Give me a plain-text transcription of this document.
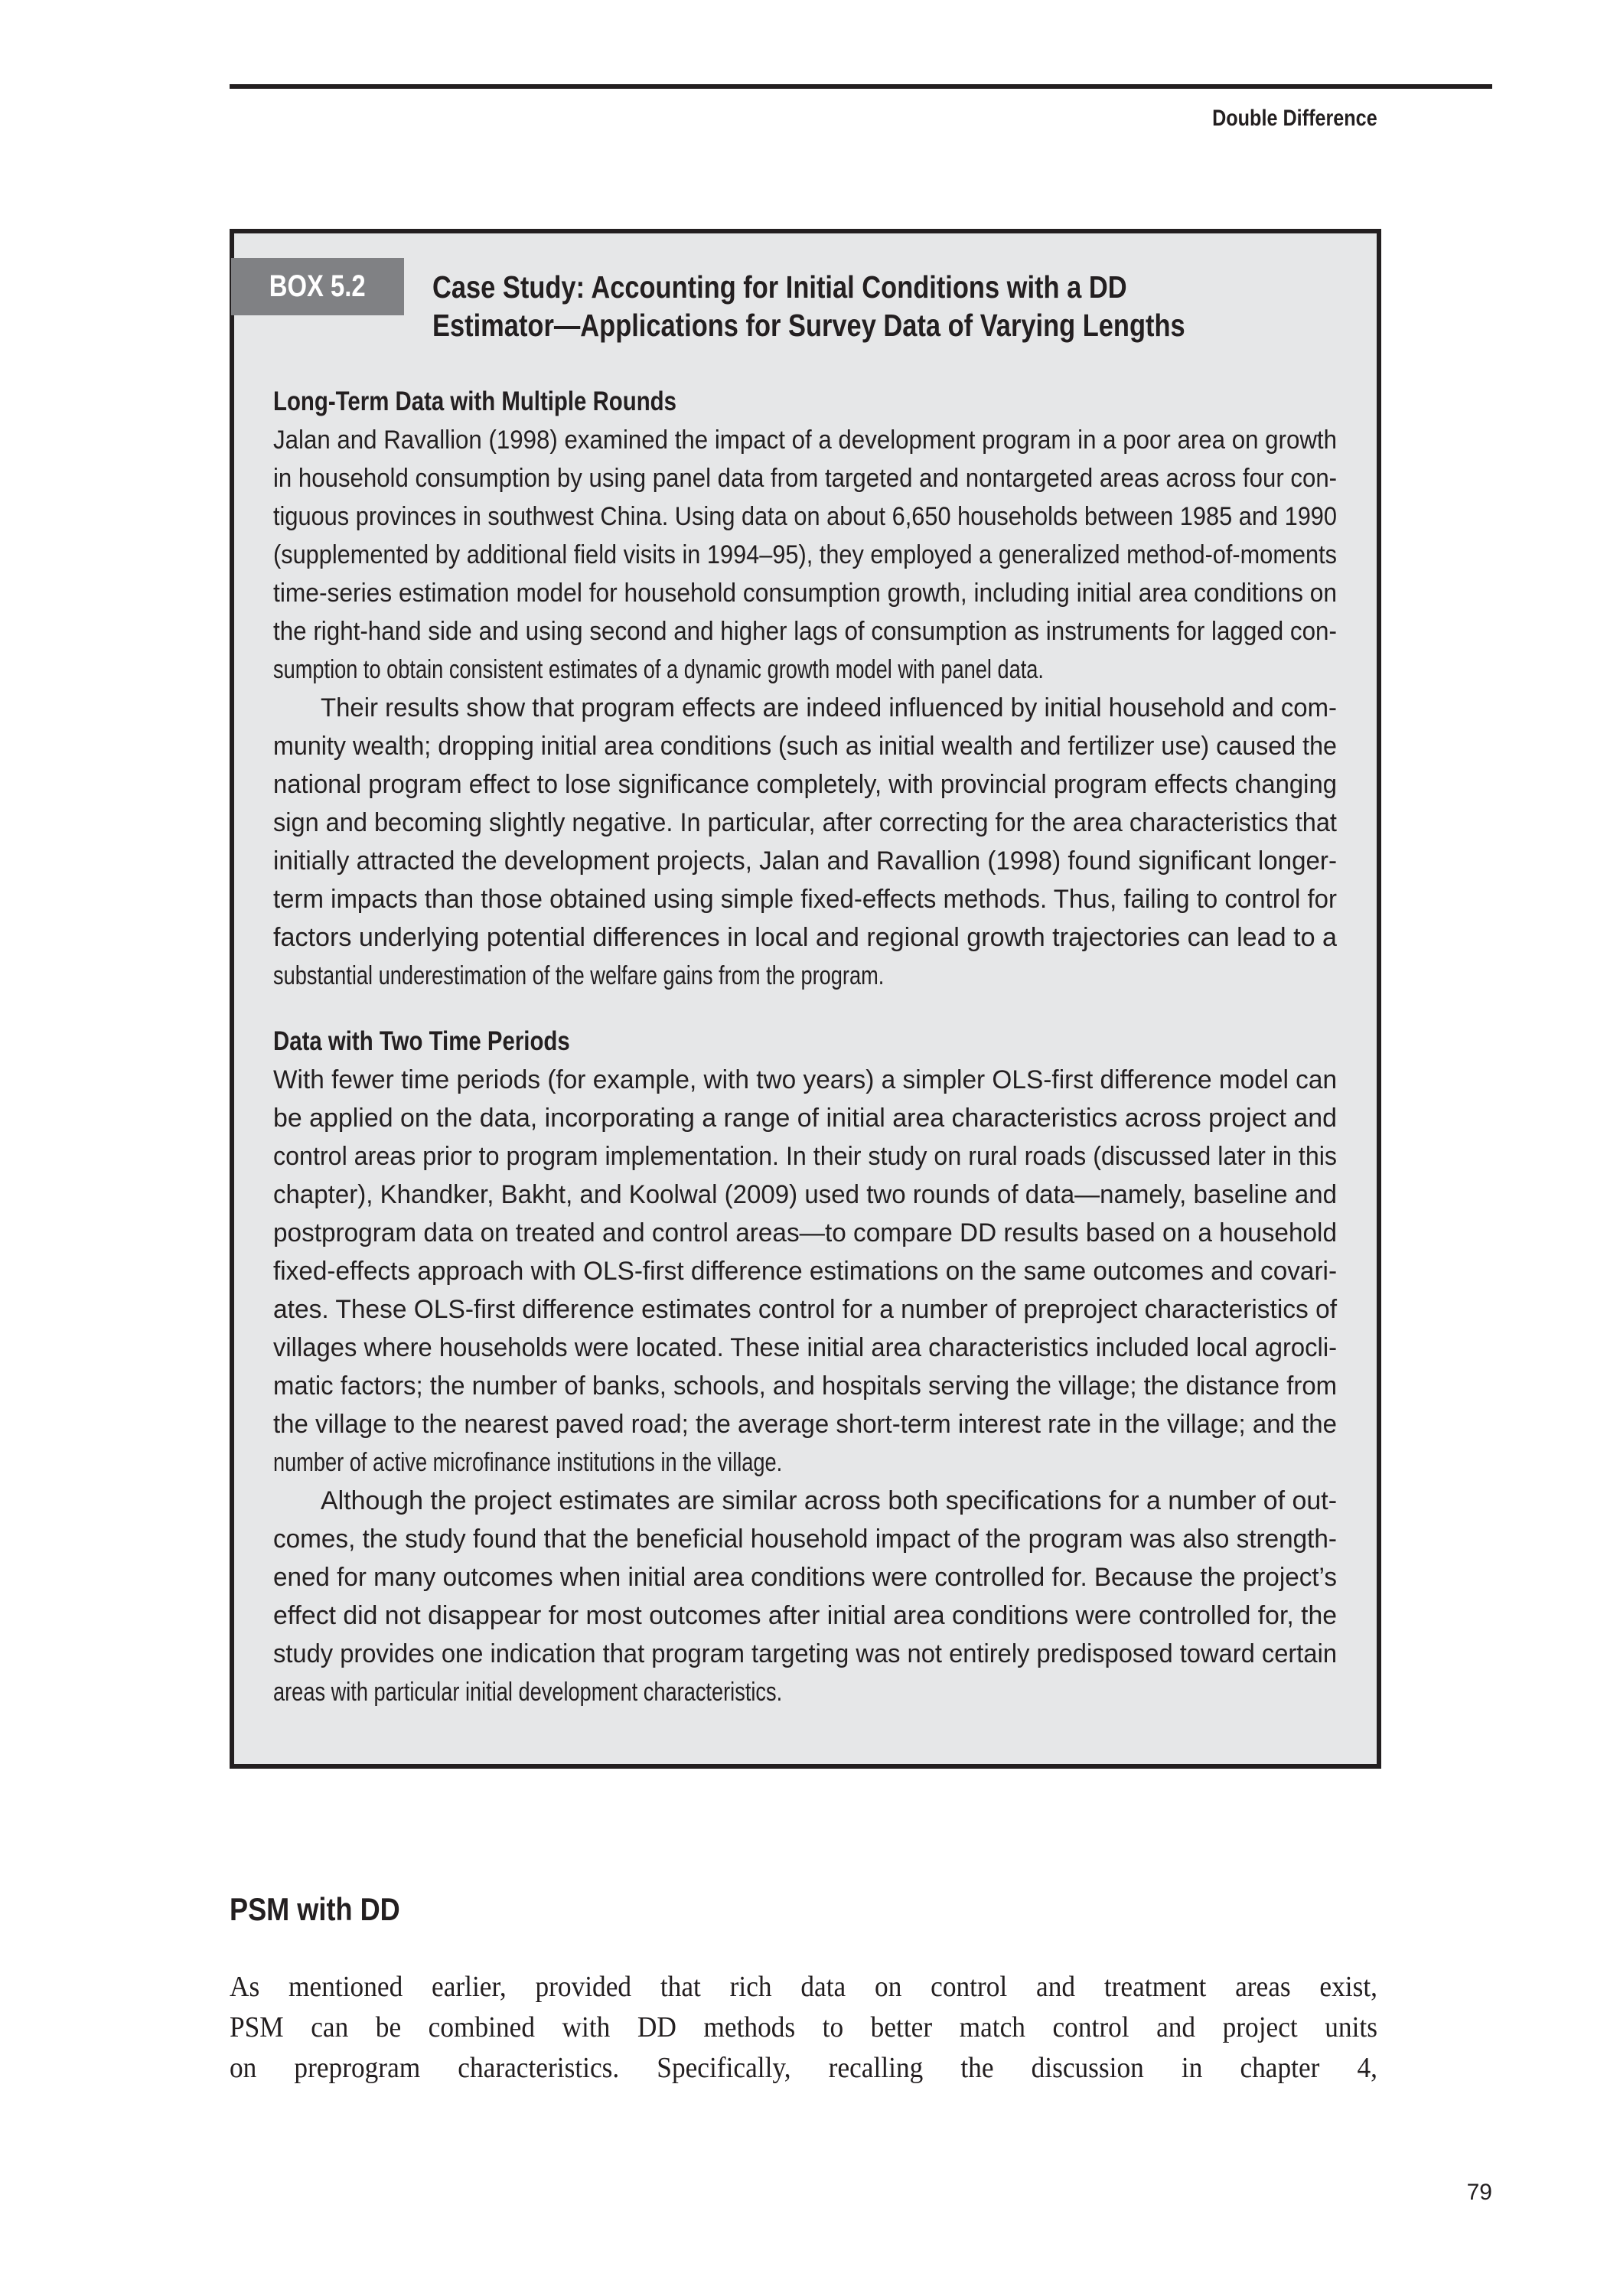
Double Difference
BOX 5.2	Case Study: Accounting for Initial Conditions with a DD
Estimator—Applications for Survey Data of Varying Lengths
Long-Term Data with Multiple Rounds
Jalan and Ravallion (1998) examined the impact of a development program in a poor area on growth
in household consumption by using panel data from targeted and nontargeted areas across four con-
tiguous provinces in southwest China. Using data on about 6,650 households between 1985 and 1990
(supplemented by additional field visits in 1994–95), they employed a generalized method-of-moments
time-series estimation model for household consumption growth, including initial area conditions on
the right-hand side and using second and higher lags of consumption as instruments for lagged con-
sumption to obtain consistent estimates of a dynamic growth model with panel data.
Their results show that program effects are indeed influenced by initial household and com-
munity wealth; dropping initial area conditions (such as initial wealth and fertilizer use) caused the
national program effect to lose significance completely, with provincial program effects changing
sign and becoming slightly negative. In particular, after correcting for the area characteristics that
initially attracted the development projects, Jalan and Ravallion (1998) found significant longer-
term impacts than those obtained using simple fixed-effects methods. Thus, failing to control for
factors underlying potential differences in local and regional growth trajectories can lead to a
substantial underestimation of the welfare gains from the program.
Data with Two Time Periods
With fewer time periods (for example, with two years) a simpler OLS-first difference model can
be applied on the data, incorporating a range of initial area characteristics across project and
control areas prior to program implementation. In their study on rural roads (discussed later in this
chapter), Khandker, Bakht, and Koolwal (2009) used two rounds of data—namely, baseline and
postprogram data on treated and control areas—to compare DD results based on a household
fixed-effects approach with OLS-first difference estimations on the same outcomes and covari-
ates. These OLS-first difference estimates control for a number of preproject characteristics of
villages where households were located. These initial area characteristics included local agrocli-
matic factors; the number of banks, schools, and hospitals serving the village; the distance from
the village to the nearest paved road; the average short-term interest rate in the village; and the
number of active microfinance institutions in the village.
Although the project estimates are similar across both specifications for a number of out-
comes, the study found that the beneficial household impact of the program was also strength-
ened for many outcomes when initial area conditions were controlled for. Because the project’s
effect did not disappear for most outcomes after initial area conditions were controlled for, the
study provides one indication that program targeting was not entirely predisposed toward certain
areas with particular initial development characteristics.
PSM with DD
As mentioned earlier, provided that rich data on control and treatment areas exist,
PSM can be combined with DD methods to better match control and project units
on preprogram characteristics. Specifically, recalling the discussion in chapter 4,
79
